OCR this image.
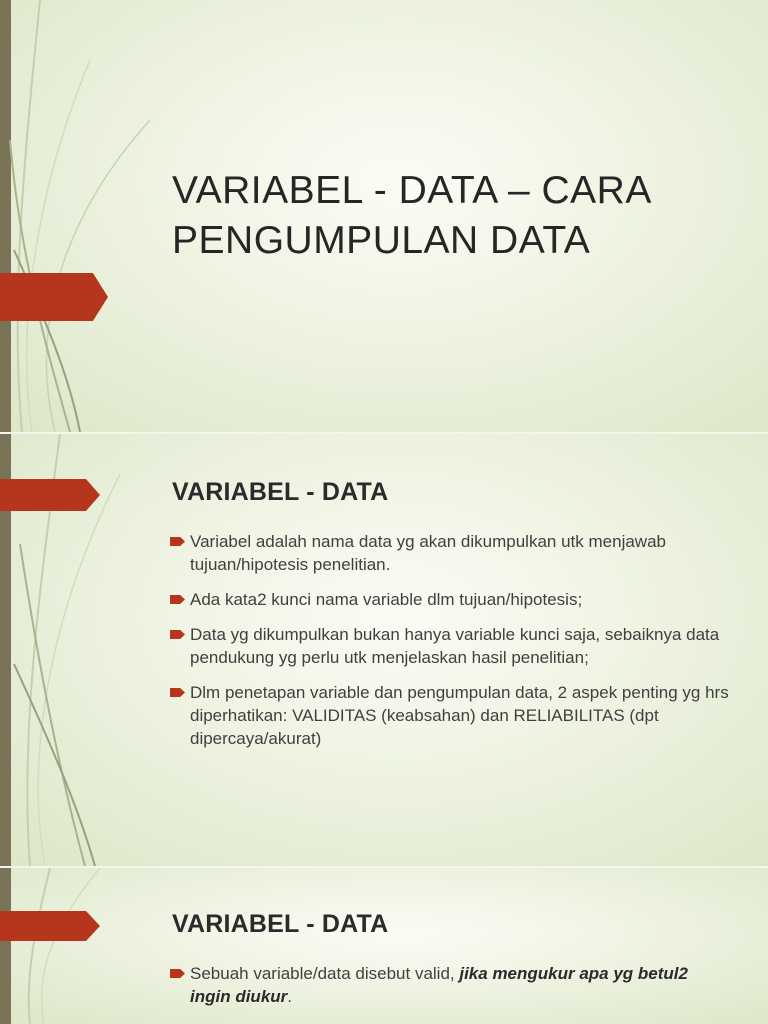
VARIABEL - DATA – CARA
PENGUMPULAN DATA
VARIABEL - DATA
Variabel adalah nama data yg akan dikumpulkan utk menjawab tujuan/hipotesis penelitian.
Ada kata2 kunci nama variable dlm tujuan/hipotesis;
Data yg dikumpulkan bukan hanya variable kunci saja, sebaiknya data pendukung yg perlu utk menjelaskan hasil penelitian;
Dlm penetapan variable dan pengumpulan data, 2 aspek penting yg hrs diperhatikan: VALIDITAS (keabsahan) dan RELIABILITAS (dpt dipercaya/akurat)
VARIABEL - DATA
Sebuah variable/data disebut valid, jika mengukur apa yg betul2 ingin diukur.
